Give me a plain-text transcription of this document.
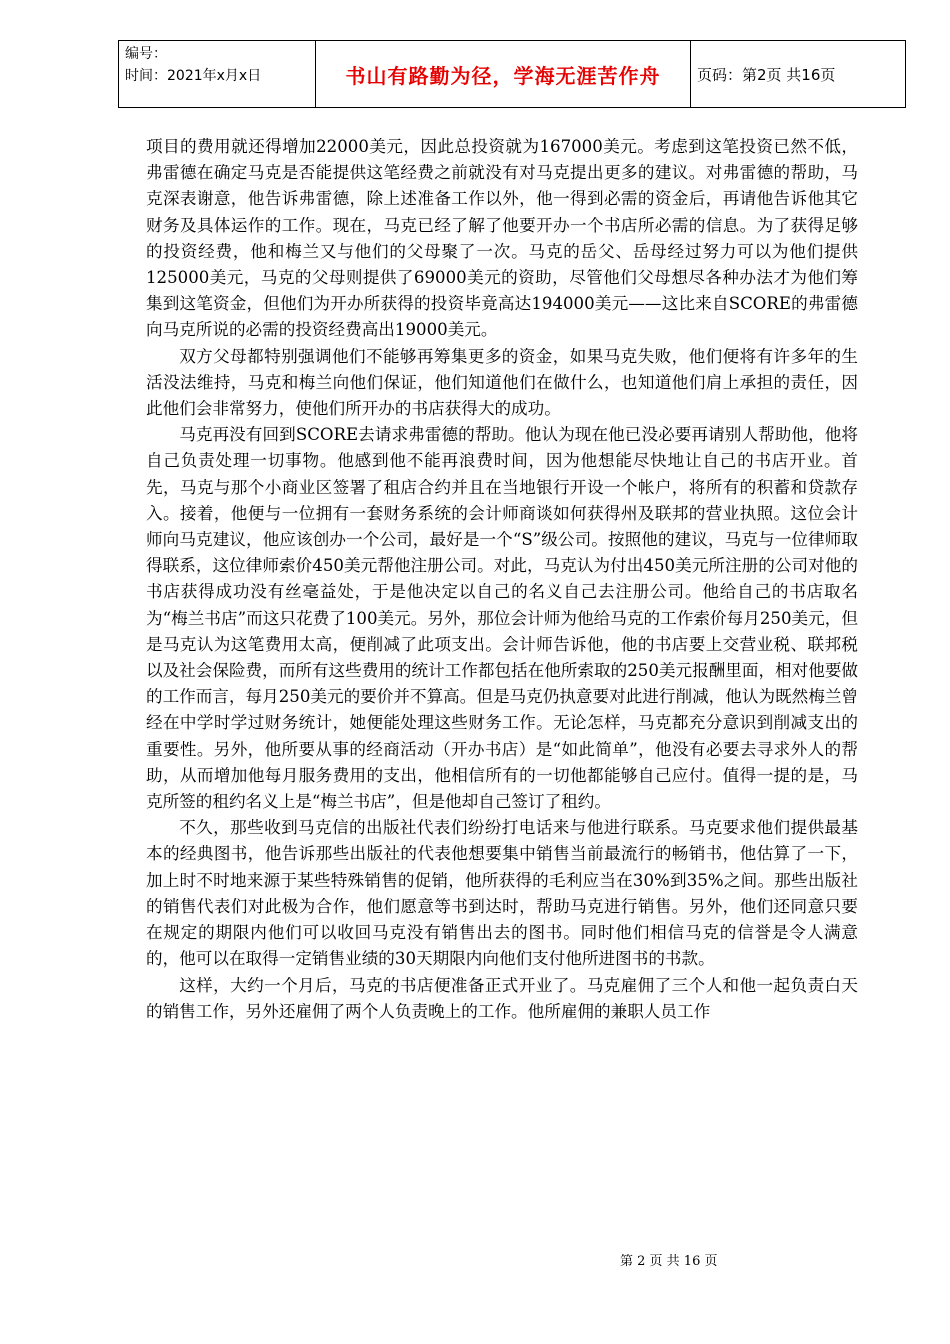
编号：
时间：2021年x月x日	书山有路勤为径，学海无涯苦作舟	页码：第2页 共16页

项目的费用就还得增加22000美元，因此总投资就为167000美元。考虑到这笔投资已然不低，弗雷德在确定马克是否能提供这笔经费之前就没有对马克提出更多的建议。对弗雷德的帮助，马克深表谢意，他告诉弗雷德，除上述准备工作以外，他一得到必需的资金后，再请他告诉他其它财务及具体运作的工作。现在，马克已经了解了他要开办一个书店所必需的信息。为了获得足够的投资经费，他和梅兰又与他们的父母聚了一次。马克的岳父、岳母经过努力可以为他们提供125000美元，马克的父母则提供了69000美元的资助，尽管他们父母想尽各种办法才为他们筹集到这笔资金，但他们为开办所获得的投资毕竟高达194000美元——这比来自SCORE的弗雷德向马克所说的必需的投资经费高出19000美元。

双方父母都特别强调他们不能够再筹集更多的资金，如果马克失败，他们便将有许多年的生活没法维持，马克和梅兰向他们保证，他们知道他们在做什么，也知道他们肩上承担的责任，因此他们会非常努力，使他们所开办的书店获得大的成功。

马克再没有回到SCORE去请求弗雷德的帮助。他认为现在他已没必要再请别人帮助他，他将自己负责处理一切事物。他感到他不能再浪费时间，因为他想能尽快地让自己的书店开业。首先，马克与那个小商业区签署了租店合约并且在当地银行开设一个帐户，将所有的积蓄和贷款存入。接着，他便与一位拥有一套财务系统的会计师商谈如何获得州及联邦的营业执照。这位会计师向马克建议，他应该创办一个公司，最好是一个“S”级公司。按照他的建议，马克与一位律师取得联系，这位律师索价450美元帮他注册公司。对此，马克认为付出450美元所注册的公司对他的书店获得成功没有丝毫益处，于是他决定以自己的名义自己去注册公司。他给自己的书店取名为“梅兰书店”而这只花费了100美元。另外，那位会计师为他给马克的工作索价每月250美元，但是马克认为这笔费用太高，便削减了此项支出。会计师告诉他，他的书店要上交营业税、联邦税以及社会保险费，而所有这些费用的统计工作都包括在他所索取的250美元报酬里面，相对他要做的工作而言，每月250美元的要价并不算高。但是马克仍执意要对此进行削减，他认为既然梅兰曾经在中学时学过财务统计，她便能处理这些财务工作。无论怎样，马克都充分意识到削减支出的重要性。另外，他所要从事的经商活动（开办书店）是“如此简单”，他没有必要去寻求外人的帮助，从而增加他每月服务费用的支出，他相信所有的一切他都能够自己应付。值得一提的是，马克所签的租约名义上是“梅兰书店”，但是他却自己签订了租约。

不久，那些收到马克信的出版社代表们纷纷打电话来与他进行联系。马克要求他们提供最基本的经典图书，他告诉那些出版社的代表他想要集中销售当前最流行的畅销书，他估算了一下，加上时不时地来源于某些特殊销售的促销，他所获得的毛利应当在30%到35%之间。那些出版社的销售代表们对此极为合作，他们愿意等书到达时，帮助马克进行销售。另外，他们还同意只要在规定的期限内他们可以收回马克没有销售出去的图书。同时他们相信马克的信誉是令人满意的，他可以在取得一定销售业绩的30天期限内向他们支付他所进图书的书款。

这样，大约一个月后，马克的书店便准备正式开业了。马克雇佣了三个人和他一起负责白天的销售工作，另外还雇佣了两个人负责晚上的工作。他所雇佣的兼职人员工作

第 2 页 共 16 页
